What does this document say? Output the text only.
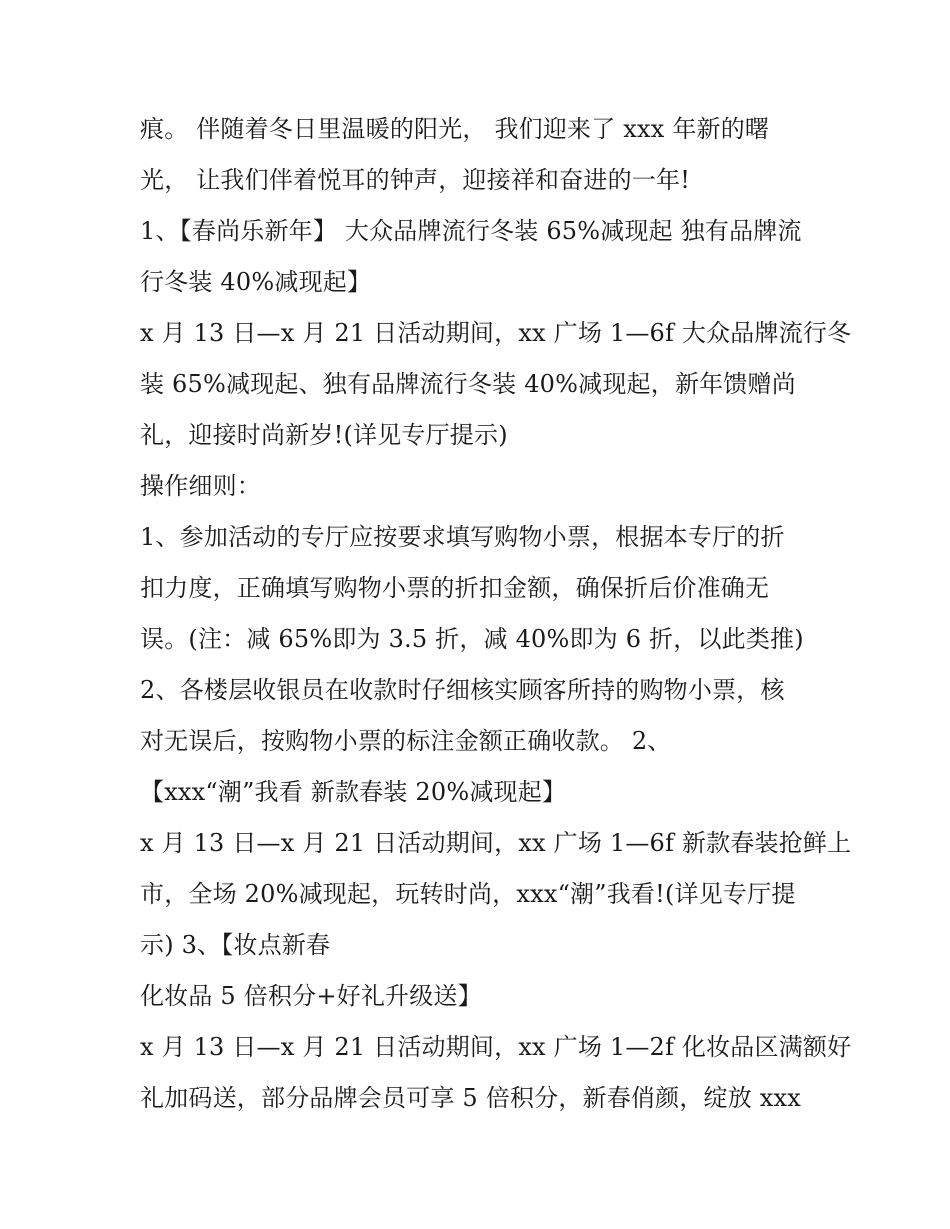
痕。 伴随着冬日里温暖的阳光， 我们迎来了 xxx 年新的曙
光， 让我们伴着悦耳的钟声，迎接祥和奋进的一年!
1、【春尚乐新年】 大众品牌流行冬装 65%减现起 独有品牌流
行冬装 40%减现起】
x 月 13 日—x 月 21 日活动期间，xx 广场 1—6f 大众品牌流行冬
装 65%减现起、独有品牌流行冬装 40%减现起，新年馈赠尚
礼，迎接时尚新岁!(详见专厅提示)
操作细则：
1、参加活动的专厅应按要求填写购物小票，根据本专厅的折
扣力度，正确填写购物小票的折扣金额，确保折后价准确无
误。(注：减 65%即为 3.5 折，减 40%即为 6 折，以此类推)
2、各楼层收银员在收款时仔细核实顾客所持的购物小票，核
对无误后，按购物小票的标注金额正确收款。 2、
【xxx“潮”我看 新款春装 20%减现起】
x 月 13 日—x 月 21 日活动期间，xx 广场 1—6f 新款春装抢鲜上
市，全场 20%减现起，玩转时尚，xxx“潮”我看!(详见专厅提
示) 3、【妆点新春
化妆品 5 倍积分+好礼升级送】
x 月 13 日—x 月 21 日活动期间，xx 广场 1—2f 化妆品区满额好
礼加码送，部分品牌会员可享 5 倍积分，新春俏颜，绽放 xxx
